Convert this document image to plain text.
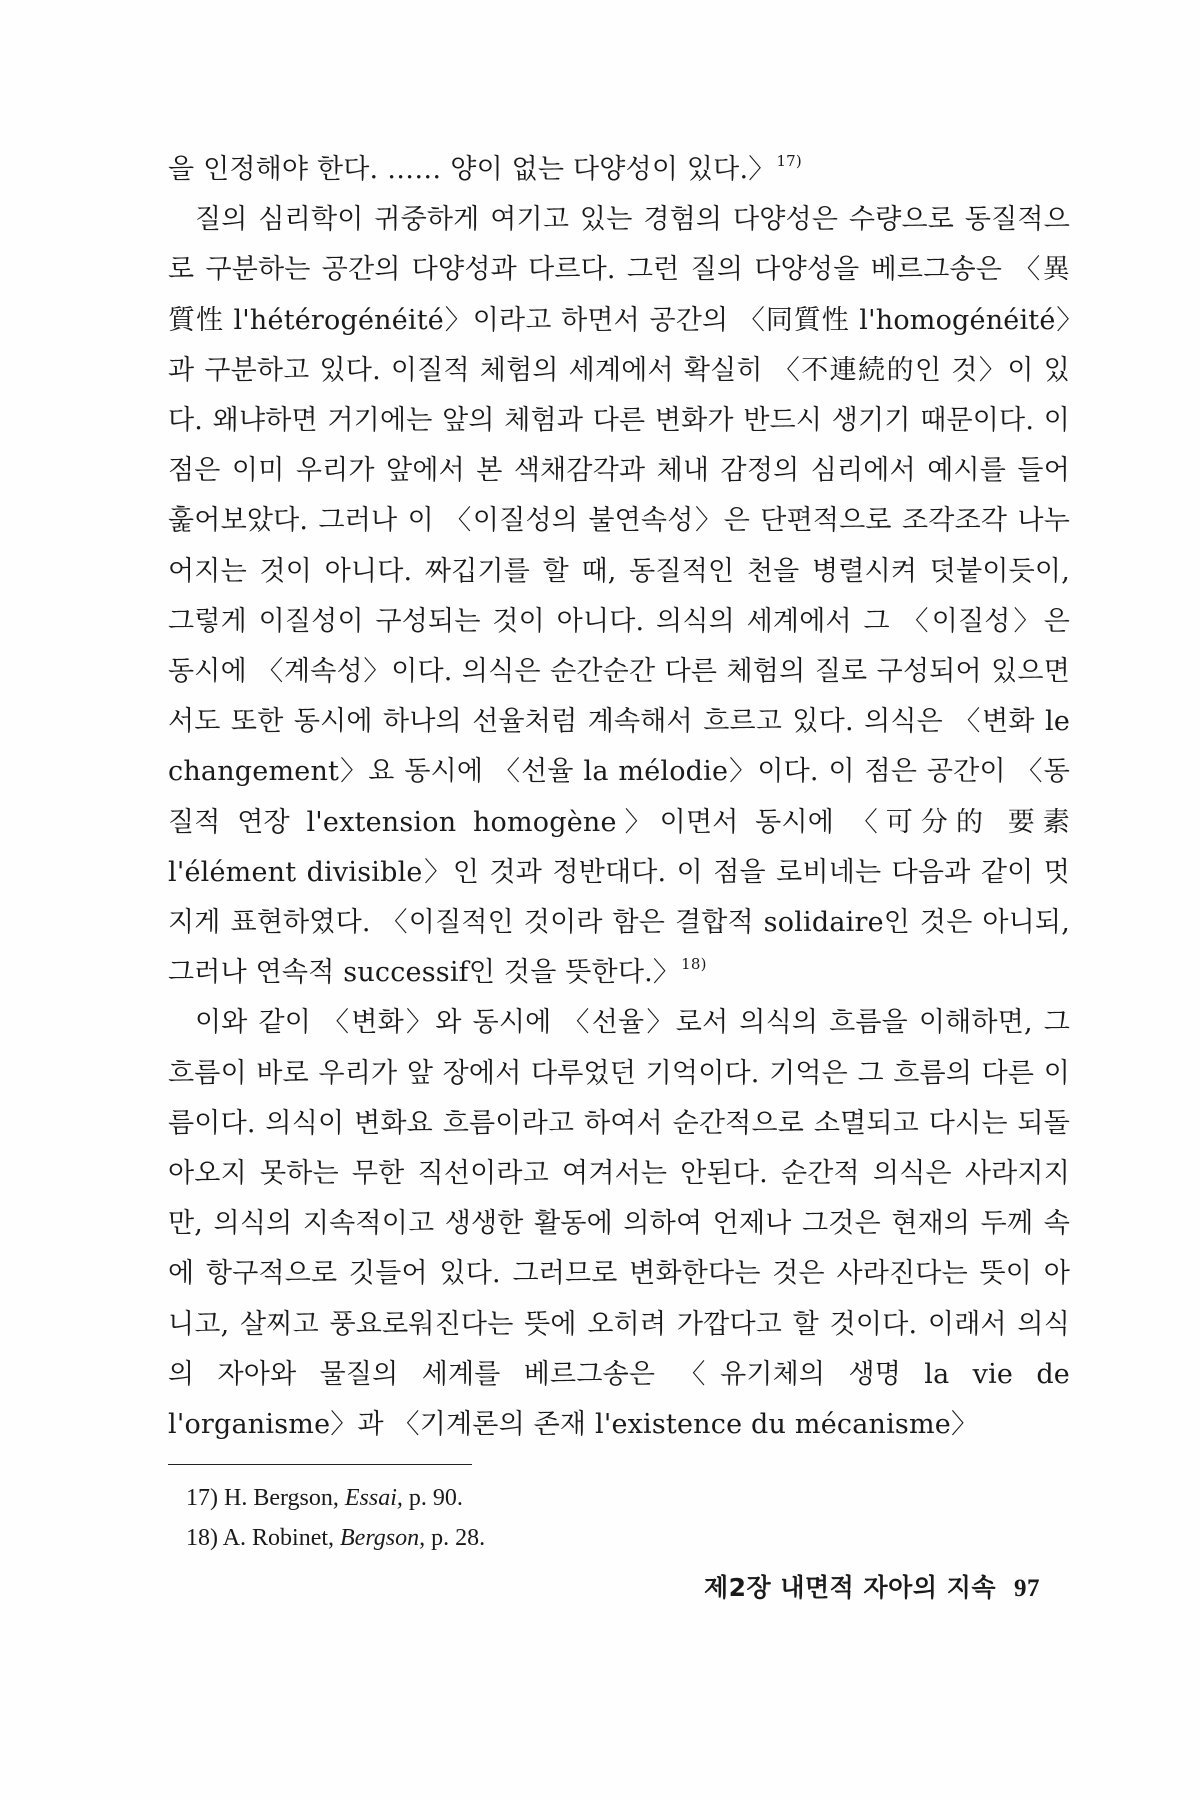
을 인정해야 한다. …… 양이 없는 다양성이 있다.〉$^{17)}$

질의 심리학이 귀중하게 여기고 있는 경험의 다양성은 수량으로 동질적으로 구분하는 공간의 다양성과 다르다. 그런 질의 다양성을 베르그송은 〈異質性 l'hétérogénéité〉이라고 하면서 공간의 〈同質性 l'homogénéité〉과 구분하고 있다. 이질적 체험의 세계에서 확실히 〈不連続的인 것〉이 있다. 왜냐하면 거기에는 앞의 체험과 다른 변화가 반드시 생기기 때문이다. 이 점은 이미 우리가 앞에서 본 색채감각과 체내 감정의 심리에서 예시를 들어 훑어보았다. 그러나 이 〈이질성의 불연속성〉은 단편적으로 조각조각 나누어지는 것이 아니다. 짜깁기를 할 때, 동질적인 천을 병렬시켜 덧붙이듯이, 그렇게 이질성이 구성되는 것이 아니다. 의식의 세계에서 그 〈이질성〉은 동시에 〈계속성〉이다. 의식은 순간순간 다른 체험의 질로 구성되어 있으면서도 또한 동시에 하나의 선율처럼 계속해서 흐르고 있다. 의식은 〈변화 le changement〉요 동시에 〈선율 la mélodie〉이다. 이 점은 공간이 〈동질적 연장 l'extension homogène〉이면서 동시에 〈可分的 要素 l'élément divisible〉인 것과 정반대다. 이 점을 로비네는 다음과 같이 멋지게 표현하였다. 〈이질적인 것이라 함은 결합적 solidaire인 것은 아니되, 그러나 연속적 successif인 것을 뜻한다.〉$^{18)}$

이와 같이 〈변화〉와 동시에 〈선율〉로서 의식의 흐름을 이해하면, 그 흐름이 바로 우리가 앞 장에서 다루었던 기억이다. 기억은 그 흐름의 다른 이름이다. 의식이 변화요 흐름이라고 하여서 순간적으로 소멸되고 다시는 되돌아오지 못하는 무한 직선이라고 여겨서는 안된다. 순간적 의식은 사라지지만, 의식의 지속적이고 생생한 활동에 의하여 언제나 그것은 현재의 두께 속에 항구적으로 깃들어 있다. 그러므로 변화한다는 것은 사라진다는 뜻이 아니고, 살찌고 풍요로워진다는 뜻에 오히려 가깝다고 할 것이다. 이래서 의식의 자아와 물질의 세계를 베르그송은 〈유기체의 생명 la vie de l'organisme〉과 〈기계론의 존재 l'existence du mécanisme〉

17) H. Bergson, Essai, p. 90.

18) A. Robinet, Bergson, p. 28.

제2장 내면적 자아의 지속 97
